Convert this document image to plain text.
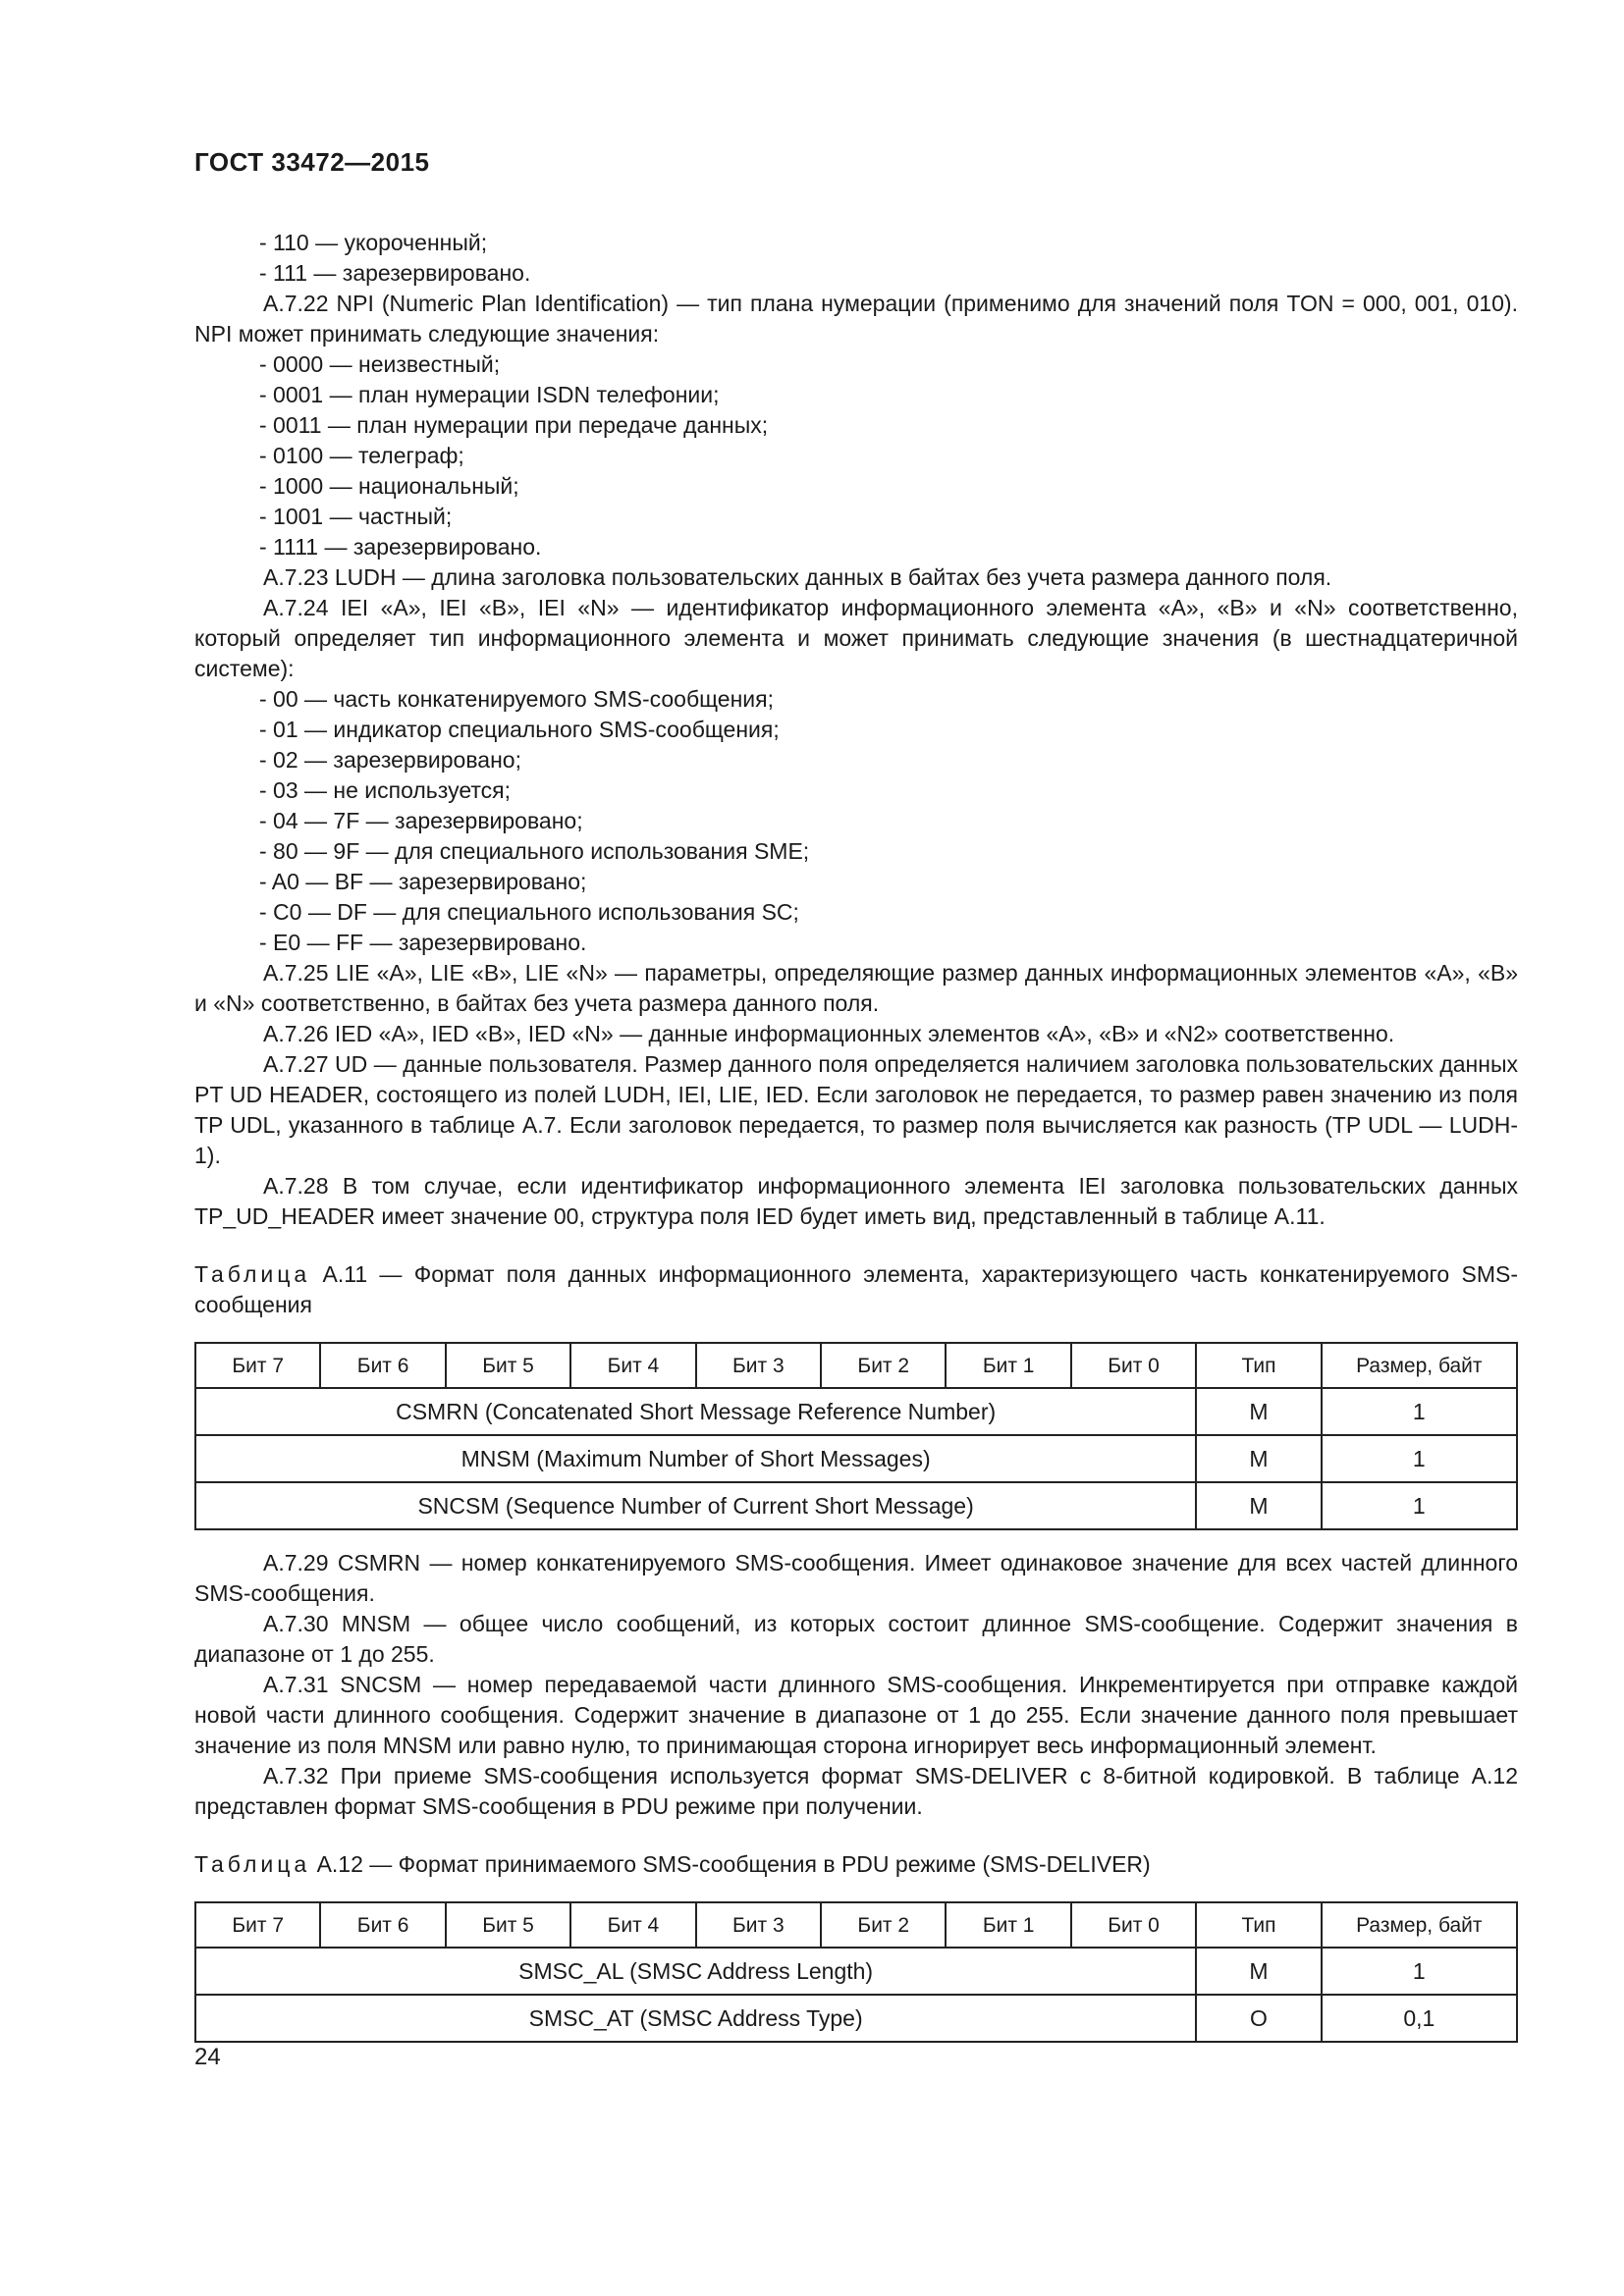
ГОСТ 33472—2015

- 110 — укороченный;

- 111 — зарезервировано.

А.7.22 NPI (Numeric Plan Identification) — тип плана нумерации (применимо для значений поля TON = 000, 001, 010). NPI может принимать следующие значения:

- 0000 — неизвестный;

- 0001 — план нумерации ISDN телефонии;

- 0011 — план нумерации при передаче данных;

- 0100 — телеграф;

- 1000 — национальный;

- 1001 — частный;

- 1111 — зарезервировано.

А.7.23 LUDH — длина заголовка пользовательских данных в байтах без учета размера данного поля.

А.7.24 IEI «А», IEI «В», IEI «N» — идентификатор информационного элемента «А», «В» и «N» соответственно, который определяет тип информационного элемента и может принимать следующие значения (в шестнадцатеричной системе):

- 00 — часть конкатенируемого SMS-сообщения;

- 01 — индикатор специального SMS-сообщения;

- 02 — зарезервировано;

- 03 — не используется;

- 04 — 7F — зарезервировано;

- 80 — 9F — для специального использования SME;

- A0 — BF — зарезервировано;

- C0 — DF — для специального использования SC;

- E0 — FF — зарезервировано.

А.7.25 LIE «А», LIE «В», LIE «N» — параметры, определяющие размер данных информационных элементов «А», «В» и «N» соответственно, в байтах без учета размера данного поля.

А.7.26 IED «А», IED «В», IED «N» — данные информационных элементов «А», «В» и «N2» соответственно.

А.7.27 UD — данные пользователя. Размер данного поля определяется наличием заголовка пользовательских данных PT UD HEADER, состоящего из полей LUDH, IEI, LIE, IED. Если заголовок не передается, то размер равен значению из поля TP UDL, указанного в таблице А.7. Если заголовок передается, то размер поля вычисляется как разность (TP UDL — LUDH-1).

А.7.28 В том случае, если идентификатор информационного элемента IEI заголовка пользовательских данных TP_UD_HEADER имеет значение 00, структура поля IED будет иметь вид, представленный в таблице А.11.

Таблица А.11 — Формат поля данных информационного элемента, характеризующего часть конкатенируемого SMS-сообщения

Бит 7	Бит 6	Бит 5	Бит 4	Бит 3	Бит 2	Бит 1	Бит 0	Тип	Размер, байт
CSMRN (Concatenated Short Message Reference Number)								M	1
MNSM (Maximum Number of Short Messages)								M	1
SNCSM (Sequence Number of Current Short Message)								M	1

А.7.29 CSMRN — номер конкатенируемого SMS-сообщения. Имеет одинаковое значение для всех частей длинного SMS-сообщения.

А.7.30 MNSM — общее число сообщений, из которых состоит длинное SMS-сообщение. Содержит значения в диапазоне от 1 до 255.

А.7.31 SNCSM — номер передаваемой части длинного SMS-сообщения. Инкрементируется при отправке каждой новой части длинного сообщения. Содержит значение в диапазоне от 1 до 255. Если значение данного поля превышает значение из поля MNSM или равно нулю, то принимающая сторона игнорирует весь информационный элемент.

А.7.32 При приеме SMS-сообщения используется формат SMS-DELIVER с 8-битной кодировкой. В таблице А.12 представлен формат SMS-сообщения в PDU режиме при получении.

Таблица А.12 — Формат принимаемого SMS-сообщения в PDU режиме (SMS-DELIVER)

Бит 7	Бит 6	Бит 5	Бит 4	Бит 3	Бит 2	Бит 1	Бит 0	Тип	Размер, байт
SMSC_AL (SMSC Address Length)								M	1
SMSC_AT (SMSC Address Type)								O	0,1
24
